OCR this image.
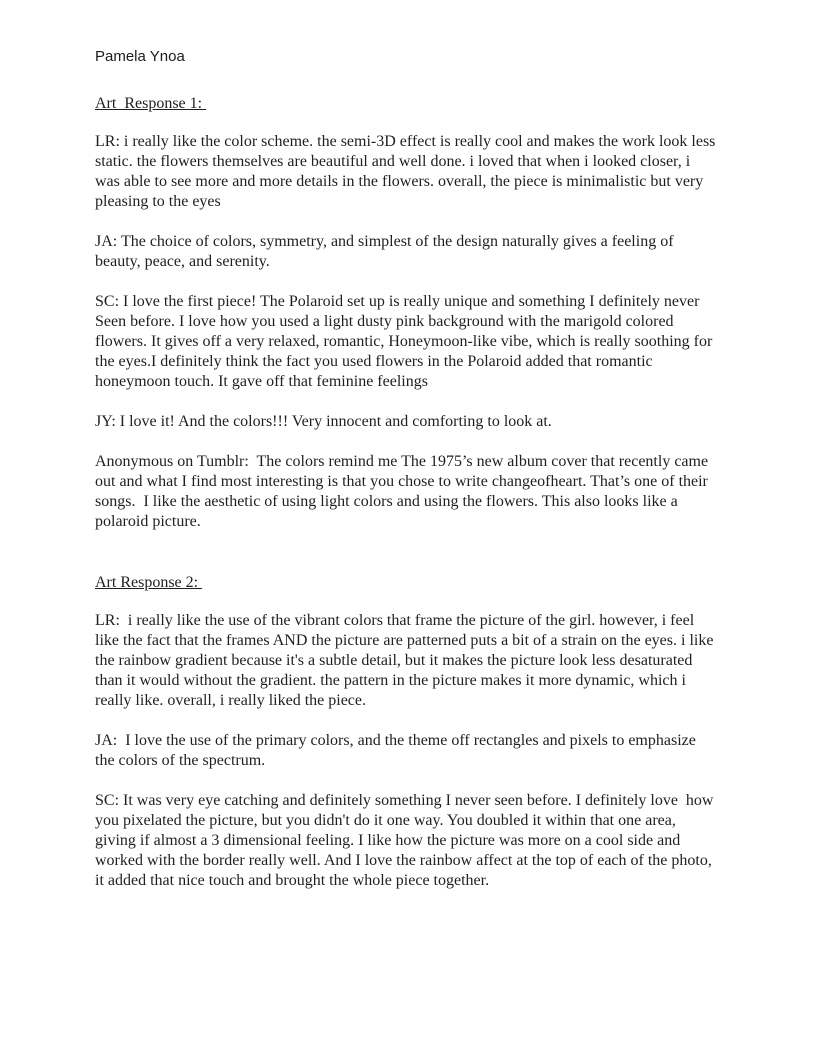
Pamela Ynoa
Art  Response 1:

LR: i really like the color scheme. the semi-3D effect is really cool and makes the work look less static. the flowers themselves are beautiful and well done. i loved that when i looked closer, i was able to see more and more details in the flowers. overall, the piece is minimalistic but very pleasing to the eyes

JA: The choice of colors, symmetry, and simplest of the design naturally gives a feeling of beauty, peace, and serenity.

SC: I love the first piece! The Polaroid set up is really unique and something I definitely never Seen before. I love how you used a light dusty pink background with the marigold colored flowers. It gives off a very relaxed, romantic, Honeymoon-like vibe, which is really soothing for the eyes.I definitely think the fact you used flowers in the Polaroid added that romantic honeymoon touch. It gave off that feminine feelings

JY: I love it! And the colors!!! Very innocent and comforting to look at.

Anonymous on Tumblr:  The colors remind me The 1975’s new album cover that recently came out and what I find most interesting is that you chose to write changeofheart. That’s one of their songs.  I like the aesthetic of using light colors and using the flowers. This also looks like a polaroid picture.

Art Response 2:

LR:  i really like the use of the vibrant colors that frame the picture of the girl. however, i feel like the fact that the frames AND the picture are patterned puts a bit of a strain on the eyes. i like the rainbow gradient because it's a subtle detail, but it makes the picture look less desaturated than it would without the gradient. the pattern in the picture makes it more dynamic, which i really like. overall, i really liked the piece.

JA:  I love the use of the primary colors, and the theme off rectangles and pixels to emphasize the colors of the spectrum.

SC: It was very eye catching and definitely something I never seen before. I definitely love  how you pixelated the picture, but you didn't do it one way. You doubled it within that one area, giving if almost a 3 dimensional feeling. I like how the picture was more on a cool side and worked with the border really well. And I love the rainbow affect at the top of each of the photo, it added that nice touch and brought the whole piece together.
